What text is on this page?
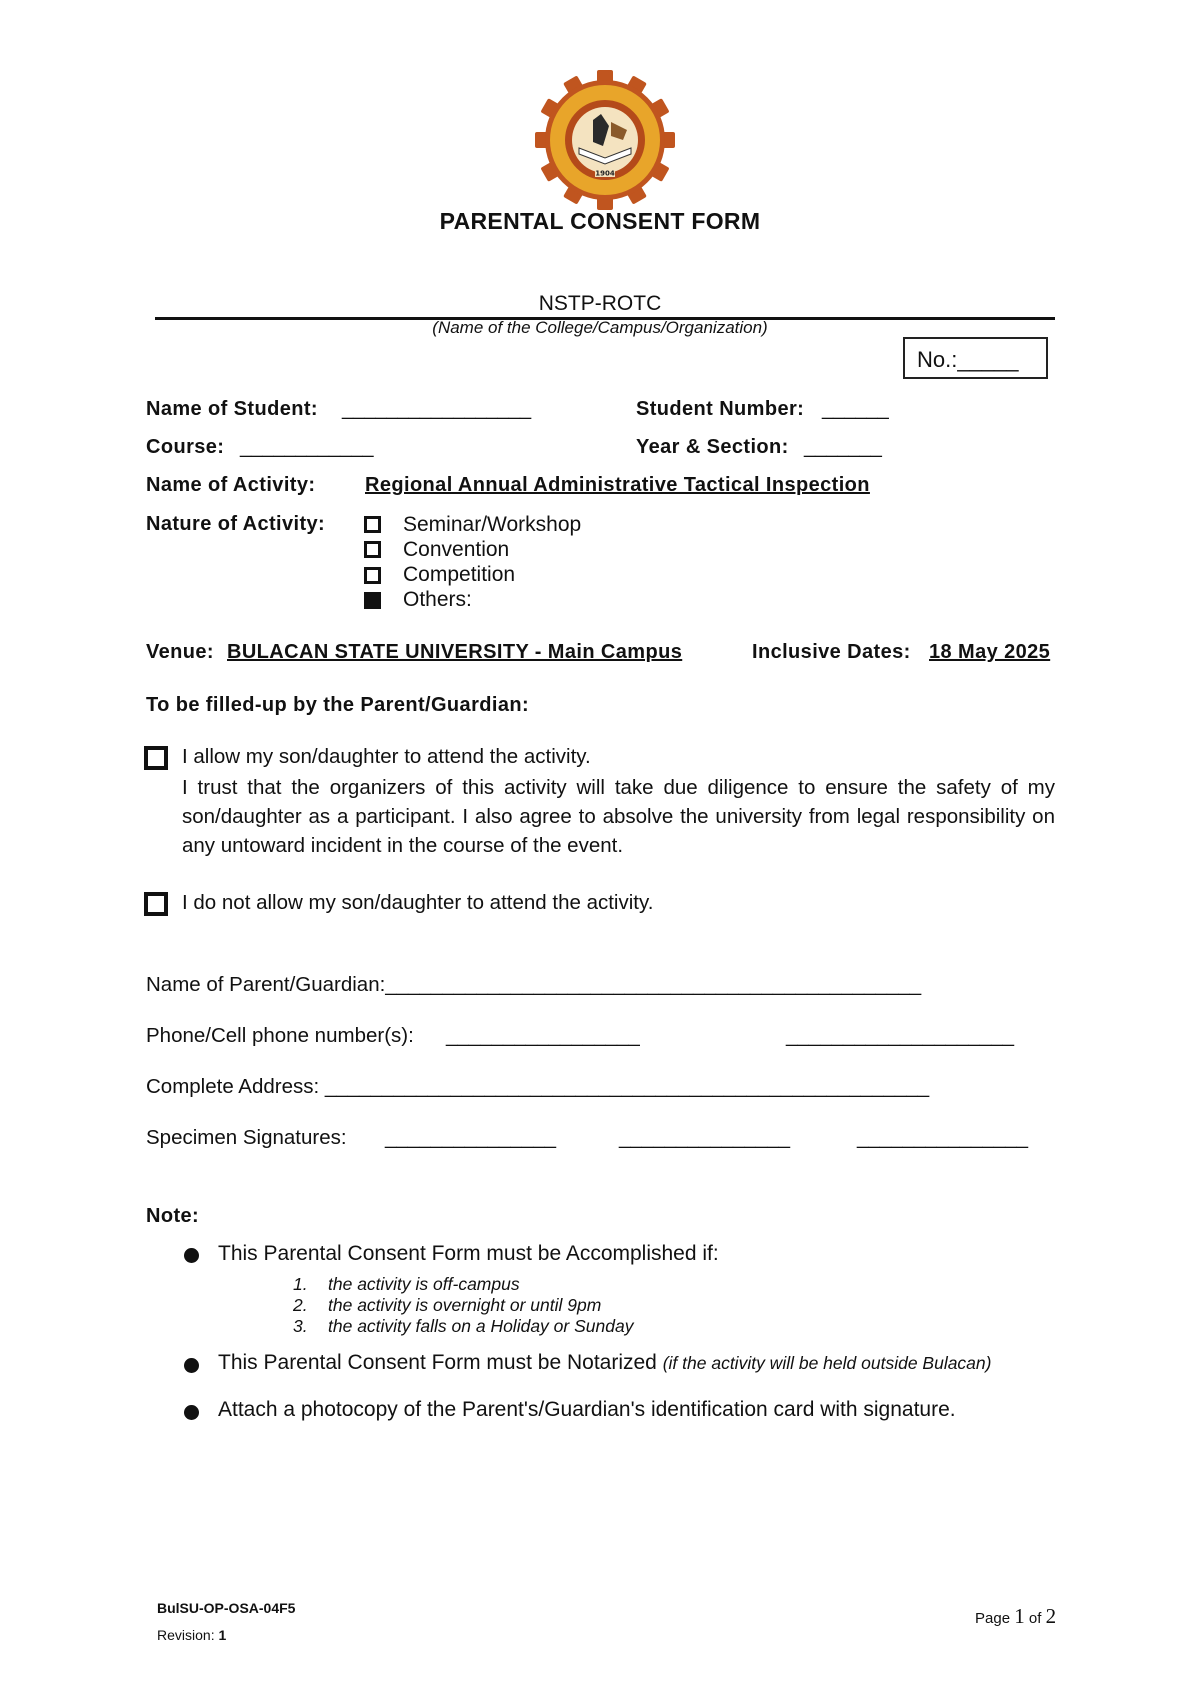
1904
PARENTAL CONSENT FORM
NSTP-ROTC
(Name of the College/Campus/Organization)
No.:_____
Name of Student: _________________	Student Number: ______
Course: ____________	Year & Section: _______
Name of Activity: Regional Annual Administrative Tactical Inspection
Nature of Activity:	Seminar/Workshop
Convention
Competition
Others:
Venue: BULACAN STATE UNIVERSITY - Main Campus	Inclusive Dates: 18 May 2025
To be filled-up by the Parent/Guardian:
I allow my son/daughter to attend the activity.
I trust that the organizers of this activity will take due diligence to ensure the safety of my son/daughter as a participant. I also agree to absolve the university from legal responsibility on any untoward incident in the course of the event.
I do not allow my son/daughter to attend the activity.
Name of Parent/Guardian:_______________________________________________
Phone/Cell phone number(s): _________________	____________________
Complete Address: _____________________________________________________
Specimen Signatures: _______________	_______________	_______________
Note:
This Parental Consent Form must be Accomplished if:
1. the activity is off-campus
2. the activity is overnight or until 9pm
3. the activity falls on a Holiday or Sunday
This Parental Consent Form must be Notarized (if the activity will be held outside Bulacan)
Attach a photocopy of the Parent's/Guardian's identification card with signature.
BulSU-OP-OSA-04F5
Revision: 1
Page 1 of 2
